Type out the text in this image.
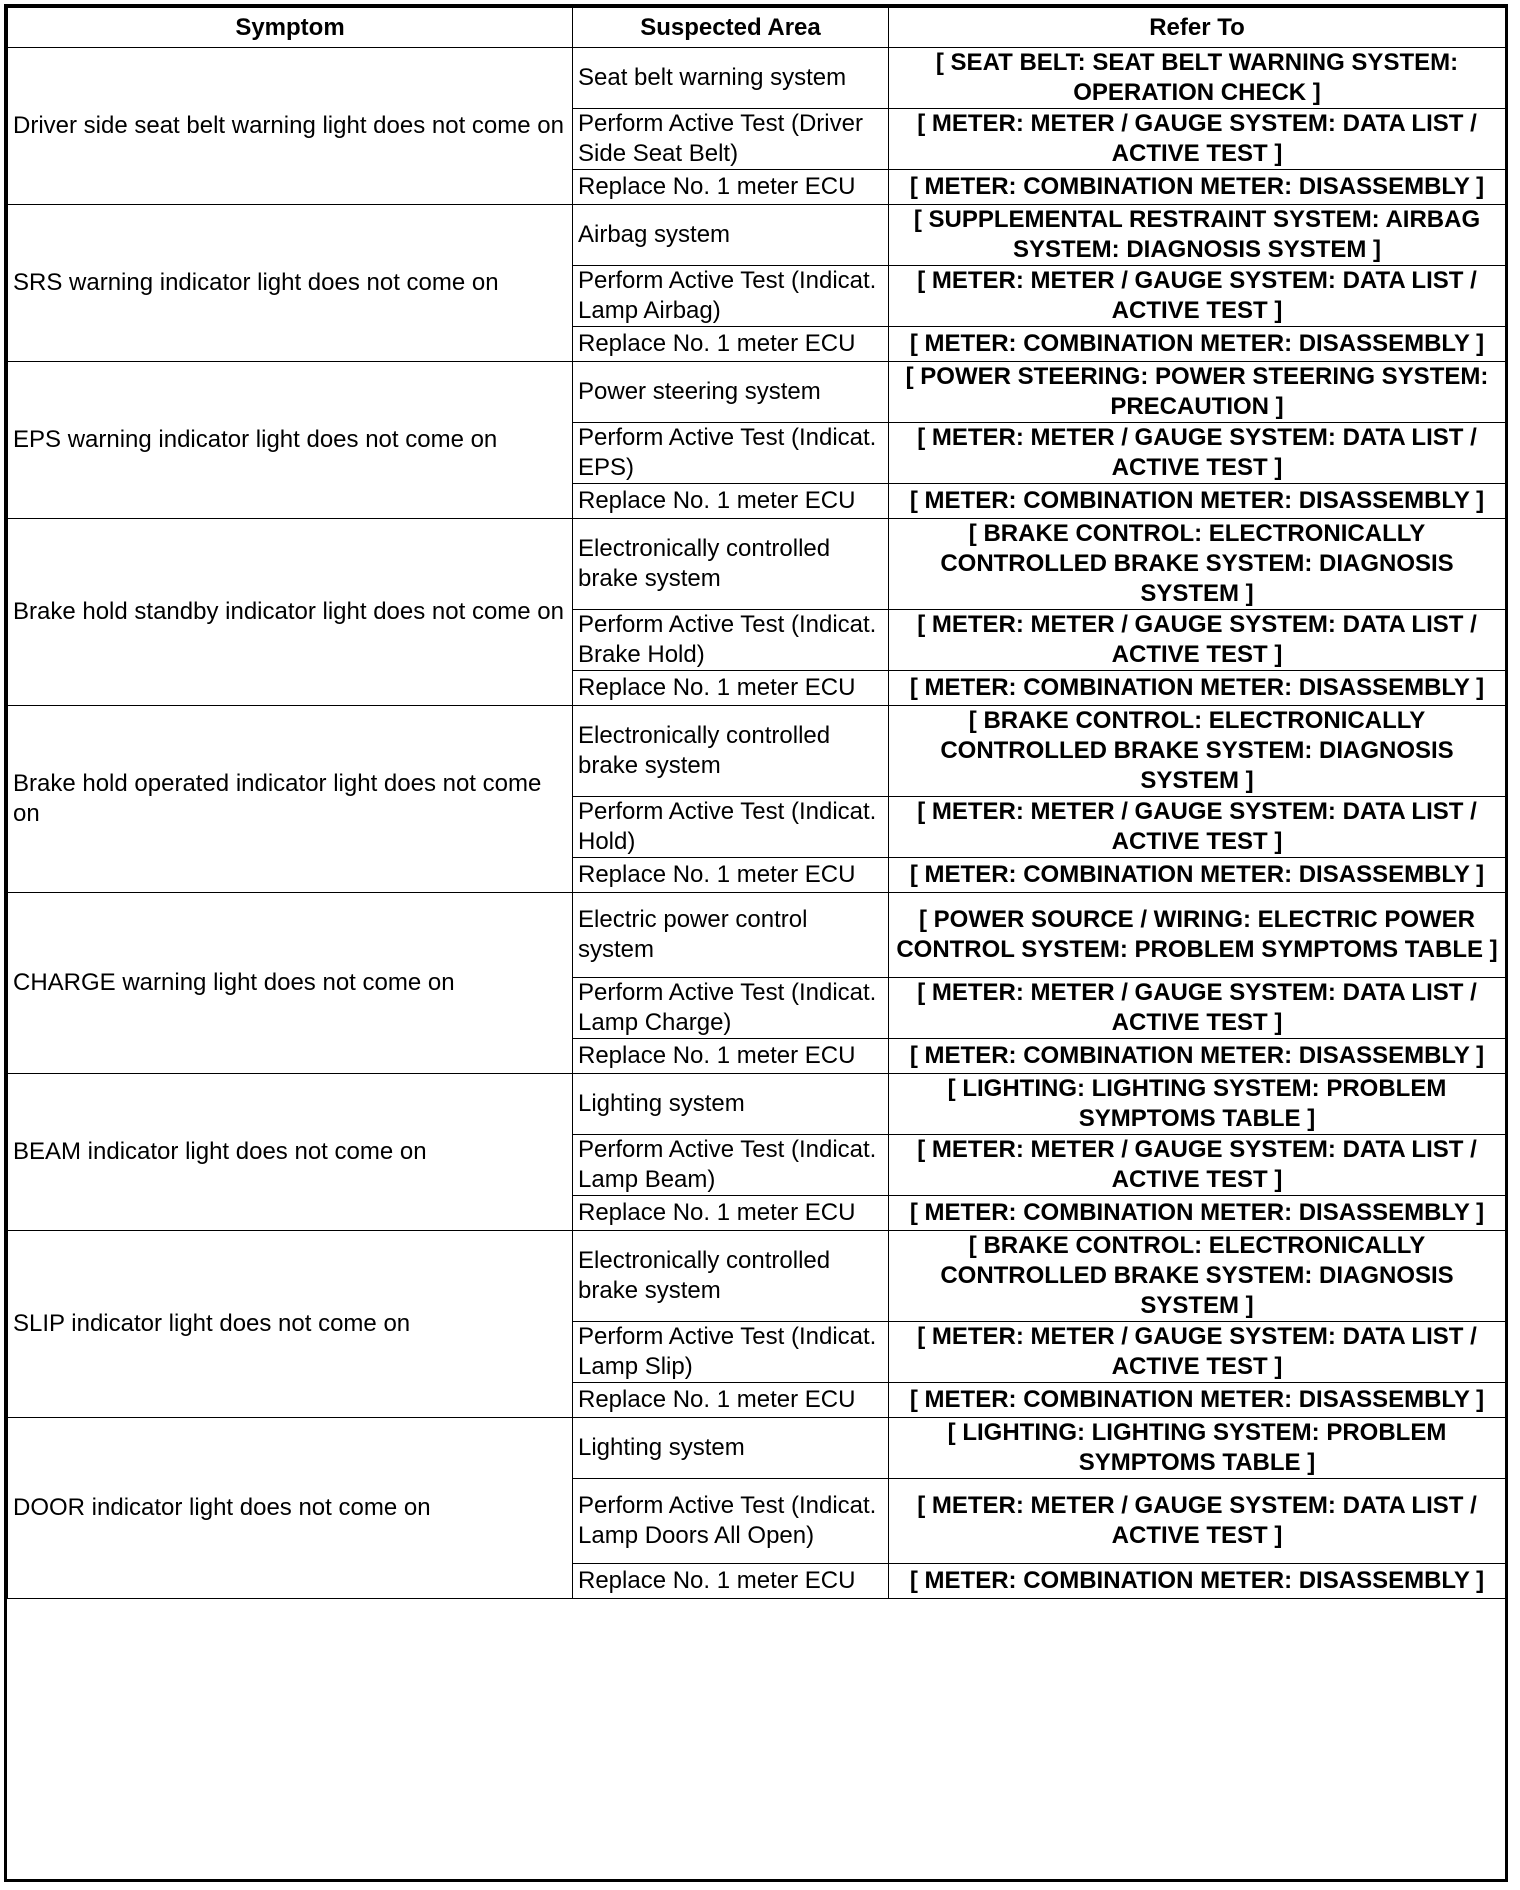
Symptom	Suspected Area	Refer To
Driver side seat belt warning light does not come on	Seat belt warning system	[ SEAT BELT: SEAT BELT WARNING SYSTEM: OPERATION CHECK ]
	Perform Active Test (Driver Side Seat Belt)	[ METER: METER / GAUGE SYSTEM: DATA LIST / ACTIVE TEST ]
	Replace No. 1 meter ECU	[ METER: COMBINATION METER: DISASSEMBLY ]
SRS warning indicator light does not come on	Airbag system	[ SUPPLEMENTAL RESTRAINT SYSTEM: AIRBAG SYSTEM: DIAGNOSIS SYSTEM ]
	Perform Active Test (Indicat. Lamp Airbag)	[ METER: METER / GAUGE SYSTEM: DATA LIST / ACTIVE TEST ]
	Replace No. 1 meter ECU	[ METER: COMBINATION METER: DISASSEMBLY ]
EPS warning indicator light does not come on	Power steering system	[ POWER STEERING: POWER STEERING SYSTEM: PRECAUTION ]
	Perform Active Test (Indicat. EPS)	[ METER: METER / GAUGE SYSTEM: DATA LIST / ACTIVE TEST ]
	Replace No. 1 meter ECU	[ METER: COMBINATION METER: DISASSEMBLY ]
Brake hold standby indicator light does not come on	Electronically controlled brake system	[ BRAKE CONTROL: ELECTRONICALLY CONTROLLED BRAKE SYSTEM: DIAGNOSIS SYSTEM ]
	Perform Active Test (Indicat. Brake Hold)	[ METER: METER / GAUGE SYSTEM: DATA LIST / ACTIVE TEST ]
	Replace No. 1 meter ECU	[ METER: COMBINATION METER: DISASSEMBLY ]
Brake hold operated indicator light does not come on	Electronically controlled brake system	[ BRAKE CONTROL: ELECTRONICALLY CONTROLLED BRAKE SYSTEM: DIAGNOSIS SYSTEM ]
	Perform Active Test (Indicat. Hold)	[ METER: METER / GAUGE SYSTEM: DATA LIST / ACTIVE TEST ]
	Replace No. 1 meter ECU	[ METER: COMBINATION METER: DISASSEMBLY ]
CHARGE warning light does not come on	Electric power control system	[ POWER SOURCE / WIRING: ELECTRIC POWER CONTROL SYSTEM: PROBLEM SYMPTOMS TABLE ]
	Perform Active Test (Indicat. Lamp Charge)	[ METER: METER / GAUGE SYSTEM: DATA LIST / ACTIVE TEST ]
	Replace No. 1 meter ECU	[ METER: COMBINATION METER: DISASSEMBLY ]
BEAM indicator light does not come on	Lighting system	[ LIGHTING: LIGHTING SYSTEM: PROBLEM SYMPTOMS TABLE ]
	Perform Active Test (Indicat. Lamp Beam)	[ METER: METER / GAUGE SYSTEM: DATA LIST / ACTIVE TEST ]
	Replace No. 1 meter ECU	[ METER: COMBINATION METER: DISASSEMBLY ]
SLIP indicator light does not come on	Electronically controlled brake system	[ BRAKE CONTROL: ELECTRONICALLY CONTROLLED BRAKE SYSTEM: DIAGNOSIS SYSTEM ]
	Perform Active Test (Indicat. Lamp Slip)	[ METER: METER / GAUGE SYSTEM: DATA LIST / ACTIVE TEST ]
	Replace No. 1 meter ECU	[ METER: COMBINATION METER: DISASSEMBLY ]
DOOR indicator light does not come on	Lighting system	[ LIGHTING: LIGHTING SYSTEM: PROBLEM SYMPTOMS TABLE ]
	Perform Active Test (Indicat. Lamp Doors All Open)	[ METER: METER / GAUGE SYSTEM: DATA LIST / ACTIVE TEST ]
	Replace No. 1 meter ECU	[ METER: COMBINATION METER: DISASSEMBLY ]
